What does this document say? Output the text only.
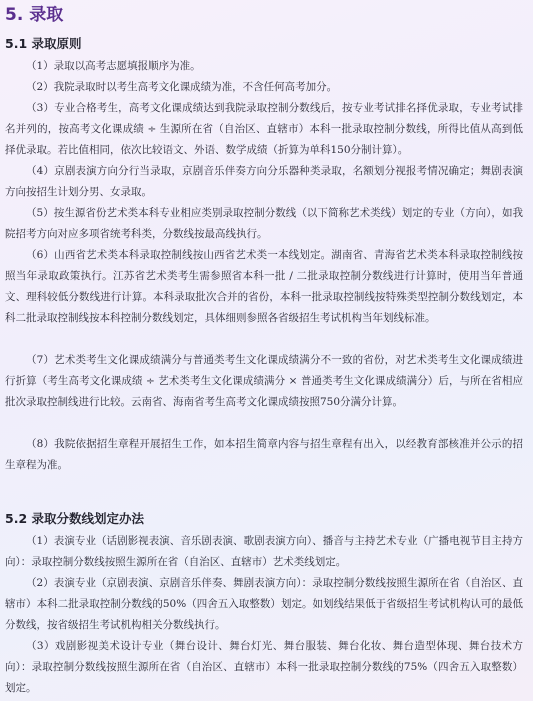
5. 录取
5.1 录取原则

（1）录取以高考志愿填报顺序为准。

（2）我院录取时以考生高考文化课成绩为准，不含任何高考加分。

（3）专业合格考生，高考文化课成绩达到我院录取控制分数线后，按专业考试排名择优录取，专业考试排名并列的，按高考文化课成绩 ÷ 生源所在省（自治区、直辖市）本科一批录取控制分数线，所得比值从高到低择优录取。若比值相同，依次比较语文、外语、数学成绩（折算为单科150分制计算）。

（4）京剧表演方向分行当录取，京剧音乐伴奏方向分乐器种类录取，名额划分视报考情况确定；舞剧表演方向按招生计划分男、女录取。

（5）按生源省份艺术类本科专业相应类别录取控制分数线（以下简称艺术类线）划定的专业（方向），如我院招考方向对应多项省统考科类，分数线按最高线执行。

（6）山西省艺术类本科录取控制线按山西省艺术类一本线划定。湖南省、青海省艺术类本科录取控制线按照当年录取政策执行。江苏省艺术类考生需参照省本科一批 / 二批录取控制分数线进行计算时，使用当年普通文、理科较低分数线进行计算。本科录取批次合并的省份，本科一批录取控制线按特殊类型控制分数线划定，本科二批录取控制线按本科控制分数线划定，具体细则参照各省级招生考试机构当年划线标准。

（7）艺术类考生文化课成绩满分与普通类考生文化课成绩满分不一致的省份，对艺术类考生文化课成绩进行折算（考生高考文化课成绩 ÷ 艺术类考生文化课成绩满分 × 普通类考生文化课成绩满分）后，与所在省相应批次录取控制线进行比较。云南省、海南省考生高考文化课成绩按照750分满分计算。

（8）我院依据招生章程开展招生工作，如本招生简章内容与招生章程有出入，以经教育部核准并公示的招生章程为准。

5.2 录取分数线划定办法

（1）表演专业（话剧影视表演、音乐剧表演、歌剧表演方向）、播音与主持艺术专业（广播电视节目主持方向）：录取控制分数线按照生源所在省（自治区、直辖市）艺术类线划定。

（2）表演专业（京剧表演、京剧音乐伴奏、舞剧表演方向）：录取控制分数线按照生源所在省（自治区、直辖市）本科二批录取控制分数线的50%（四舍五入取整数）划定。如划线结果低于省级招生考试机构认可的最低分数线，按省级招生考试机构相关分数线执行。

（3）戏剧影视美术设计专业（舞台设计、舞台灯光、舞台服装、舞台化妆、舞台造型体现、舞台技术方向）：录取控制分数线按照生源所在省（自治区、直辖市）本科一批录取控制分数线的75%（四舍五入取整数）划定。
